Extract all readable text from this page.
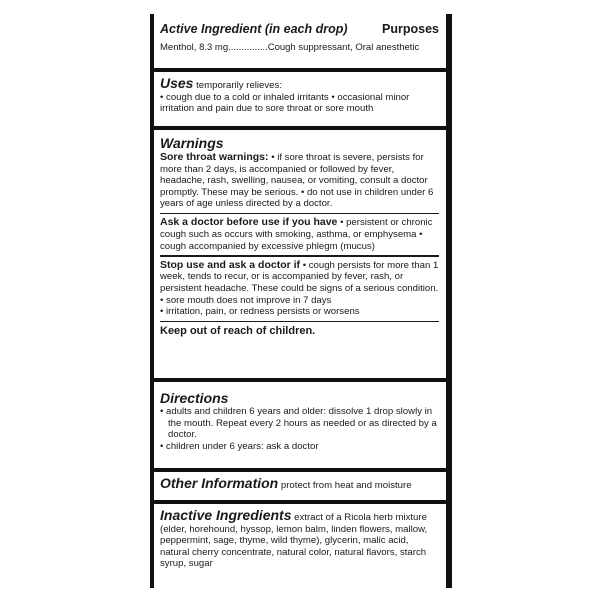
Active Ingredient (in each drop)	Purposes
Menthol, 8.3 mg...............Cough suppressant, Oral anesthetic
Uses temporarily relieves:
• cough due to a cold or inhaled irritants • occasional minor irritation and pain due to sore throat or sore mouth
Warnings
Sore throat warnings: • if sore throat is severe, persists for more than 2 days, is accompanied or followed by fever, headache, rash, swelling, nausea, or vomiting, consult a doctor promptly. These may be serious. • do not use in children under 6 years of age unless directed by a doctor.
Ask a doctor before use if you have • persistent or chronic cough such as occurs with smoking, asthma, or emphysema • cough accompanied by excessive phlegm (mucus)
Stop use and ask a doctor if • cough persists for more than 1 week, tends to recur, or is accompanied by fever, rash, or persistent headache. These could be signs of a serious condition. • sore mouth does not improve in 7 days
• irritation, pain, or redness persists or worsens
Keep out of reach of children.
Directions
• adults and children 6 years and older: dissolve 1 drop slowly in the mouth. Repeat every 2 hours as needed or as directed by a doctor.
• children under 6 years: ask a doctor
Other Information protect from heat and moisture
Inactive Ingredients extract of a Ricola herb mixture (elder, horehound, hyssop, lemon balm, linden flowers, mallow, peppermint, sage, thyme, wild thyme), glycerin, malic acid, natural cherry concentrate, natural color, natural flavors, starch syrup, sugar
